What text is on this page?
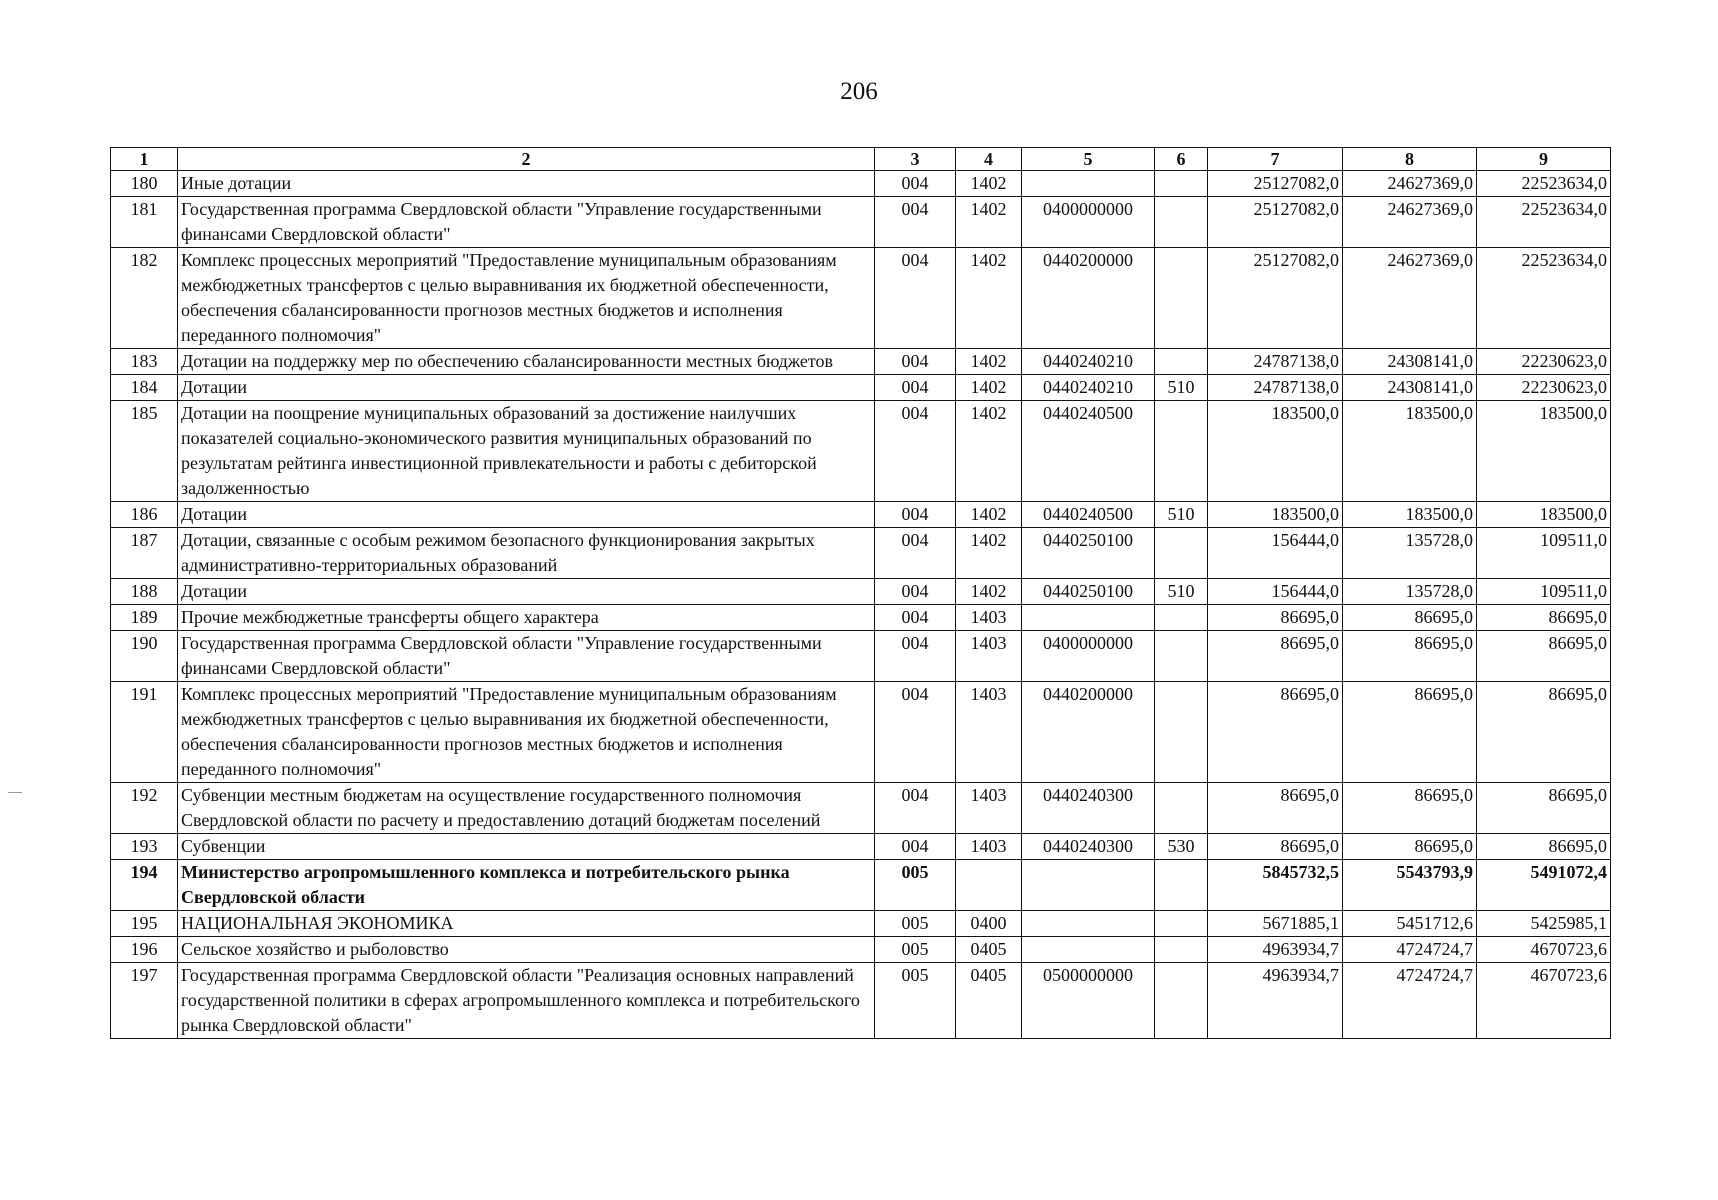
206
1	2	3	4	5	6	7	8	9
180	Иные дотации	004	1402			25127082,0	24627369,0	22523634,0
181	Государственная программа Свердловской области "Управление государственными финансами Свердловской области"	004	1402	0400000000		25127082,0	24627369,0	22523634,0
182	Комплекс процессных мероприятий "Предоставление муниципальным образованиям межбюджетных трансфертов с целью выравнивания их бюджетной обеспеченности, обеспечения сбалансированности прогнозов местных бюджетов и исполнения переданного полномочия"	004	1402	0440200000		25127082,0	24627369,0	22523634,0
183	Дотации на поддержку мер по обеспечению сбалансированности местных бюджетов	004	1402	0440240210		24787138,0	24308141,0	22230623,0
184	Дотации	004	1402	0440240210	510	24787138,0	24308141,0	22230623,0
185	Дотации на поощрение муниципальных образований за достижение наилучших показателей социально-экономического развития муниципальных образований по результатам рейтинга инвестиционной привлекательности и работы с дебиторской задолженностью	004	1402	0440240500		183500,0	183500,0	183500,0
186	Дотации	004	1402	0440240500	510	183500,0	183500,0	183500,0
187	Дотации, связанные с особым режимом безопасного функционирования закрытых административно-территориальных образований	004	1402	0440250100		156444,0	135728,0	109511,0
188	Дотации	004	1402	0440250100	510	156444,0	135728,0	109511,0
189	Прочие межбюджетные трансферты общего характера	004	1403			86695,0	86695,0	86695,0
190	Государственная программа Свердловской области "Управление государственными финансами Свердловской области"	004	1403	0400000000		86695,0	86695,0	86695,0
191	Комплекс процессных мероприятий "Предоставление муниципальным образованиям межбюджетных трансфертов с целью выравнивания их бюджетной обеспеченности, обеспечения сбалансированности прогнозов местных бюджетов и исполнения переданного полномочия"	004	1403	0440200000		86695,0	86695,0	86695,0
192	Субвенции местным бюджетам на осуществление государственного полномочия Свердловской области по расчету и предоставлению дотаций бюджетам поселений	004	1403	0440240300		86695,0	86695,0	86695,0
193	Субвенции	004	1403	0440240300	530	86695,0	86695,0	86695,0
194	Министерство агропромышленного комплекса и потребительского рынка Свердловской области	005				5845732,5	5543793,9	5491072,4
195	НАЦИОНАЛЬНАЯ ЭКОНОМИКА	005	0400			5671885,1	5451712,6	5425985,1
196	Сельское хозяйство и рыболовство	005	0405			4963934,7	4724724,7	4670723,6
197	Государственная программа Свердловской области "Реализация основных направлений государственной политики в сферах агропромышленного комплекса и потребительского рынка Свердловской области"	005	0405	0500000000		4963934,7	4724724,7	4670723,6
